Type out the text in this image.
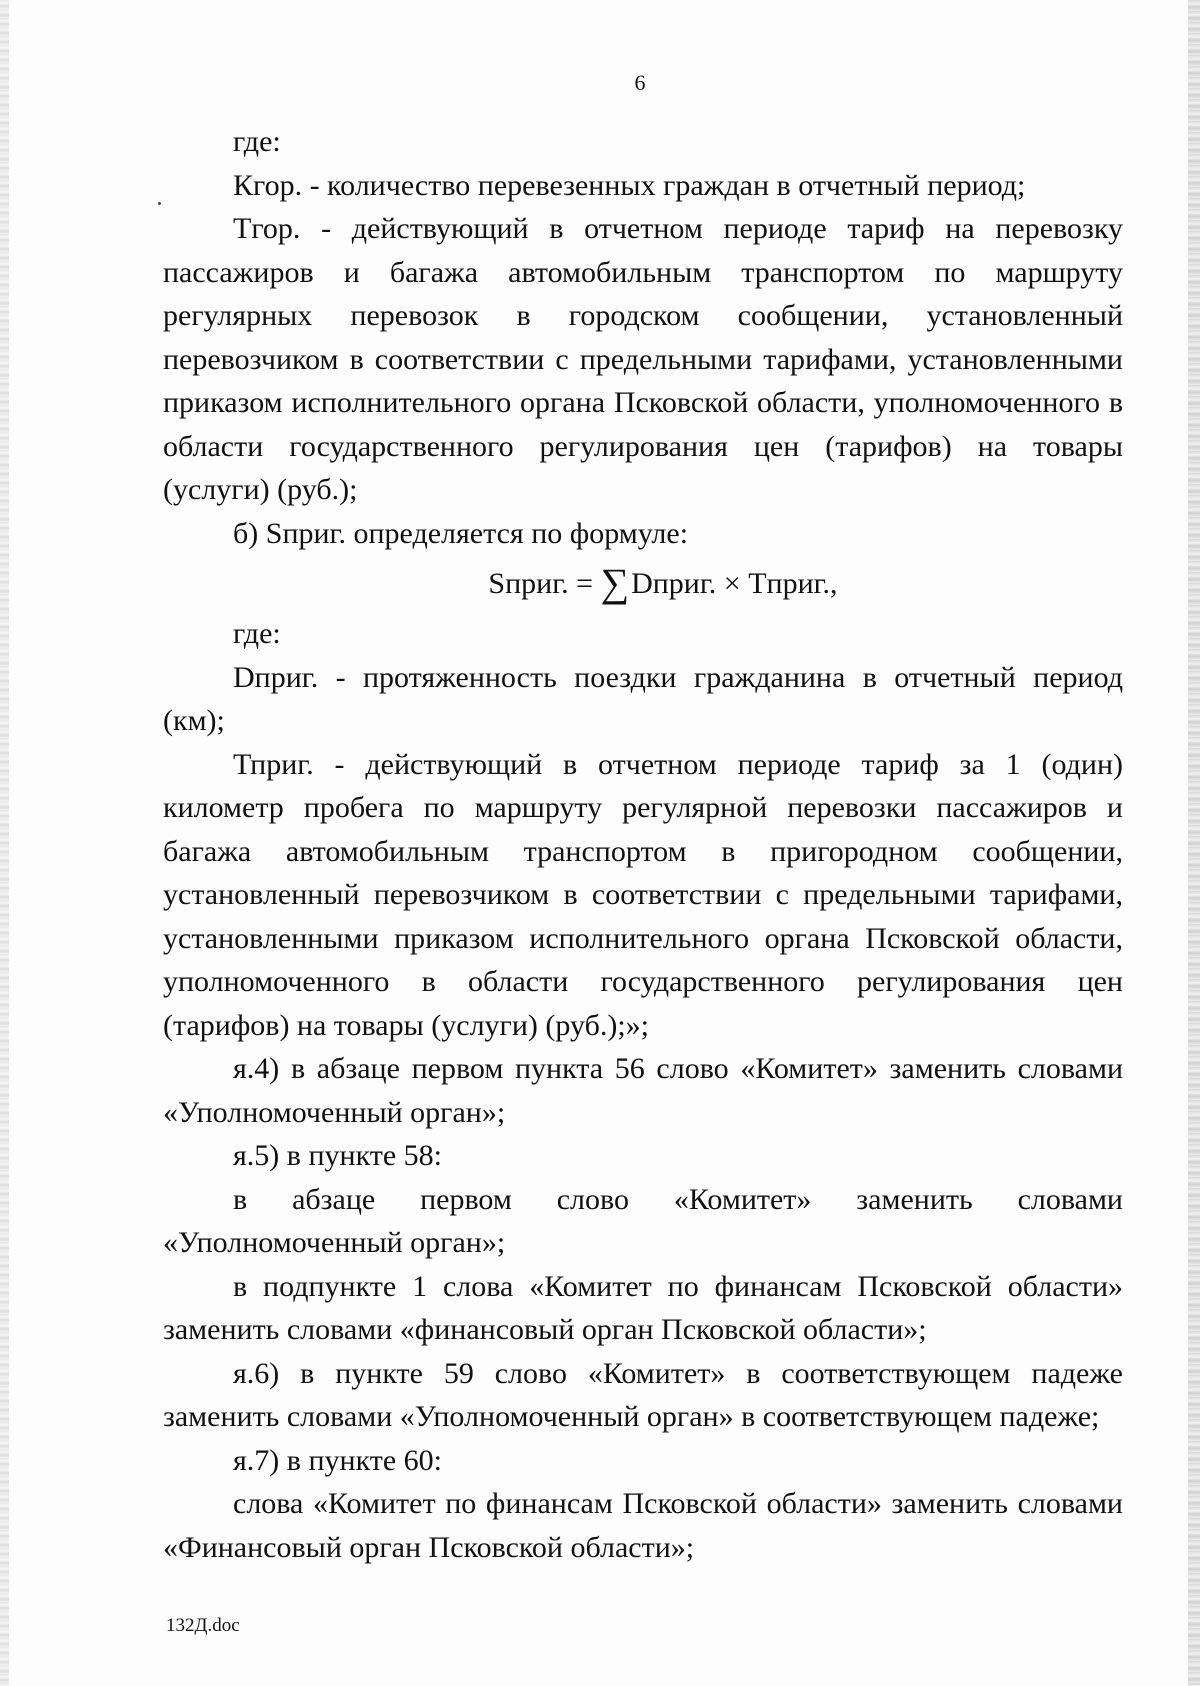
6

где:

Кгор. - количество перевезенных граждан в отчетный период;

Тгор. - действующий в отчетном периоде тариф на перевозку пассажиров и багажа автомобильным транспортом по маршруту регулярных перевозок в городском сообщении, установленный перевозчиком в соответствии с предельными тарифами, установленными приказом исполнительного органа Псковской области, уполномоченного в области государственного регулирования цен (тарифов) на товары (услуги) (руб.);

б) Sприг. определяется по формуле:

Sприг. = ∑Dприг. × Tприг.,

где:

Dприг. - протяженность поездки гражданина в отчетный период (км);

Тприг. - действующий в отчетном периоде тариф за 1 (один) километр пробега по маршруту регулярной перевозки пассажиров и багажа автомобильным транспортом в пригородном сообщении, установленный перевозчиком в соответствии с предельными тарифами, установленными приказом исполнительного органа Псковской области, уполномоченного в области государственного регулирования цен (тарифов) на товары (услуги) (руб.);»;

я.4) в абзаце первом пункта 56 слово «Комитет» заменить словами «Уполномоченный орган»;

я.5) в пункте 58:

в абзаце первом слово «Комитет» заменить словами «Уполномоченный орган»;

в подпункте 1 слова «Комитет по финансам Псковской области» заменить словами «финансовый орган Псковской области»;

я.6) в пункте 59 слово «Комитет» в соответствующем падеже заменить словами «Уполномоченный орган» в соответствующем падеже;

я.7) в пункте 60:

слова «Комитет по финансам Псковской области» заменить словами «Финансовый орган Псковской области»;

132Д.doc
